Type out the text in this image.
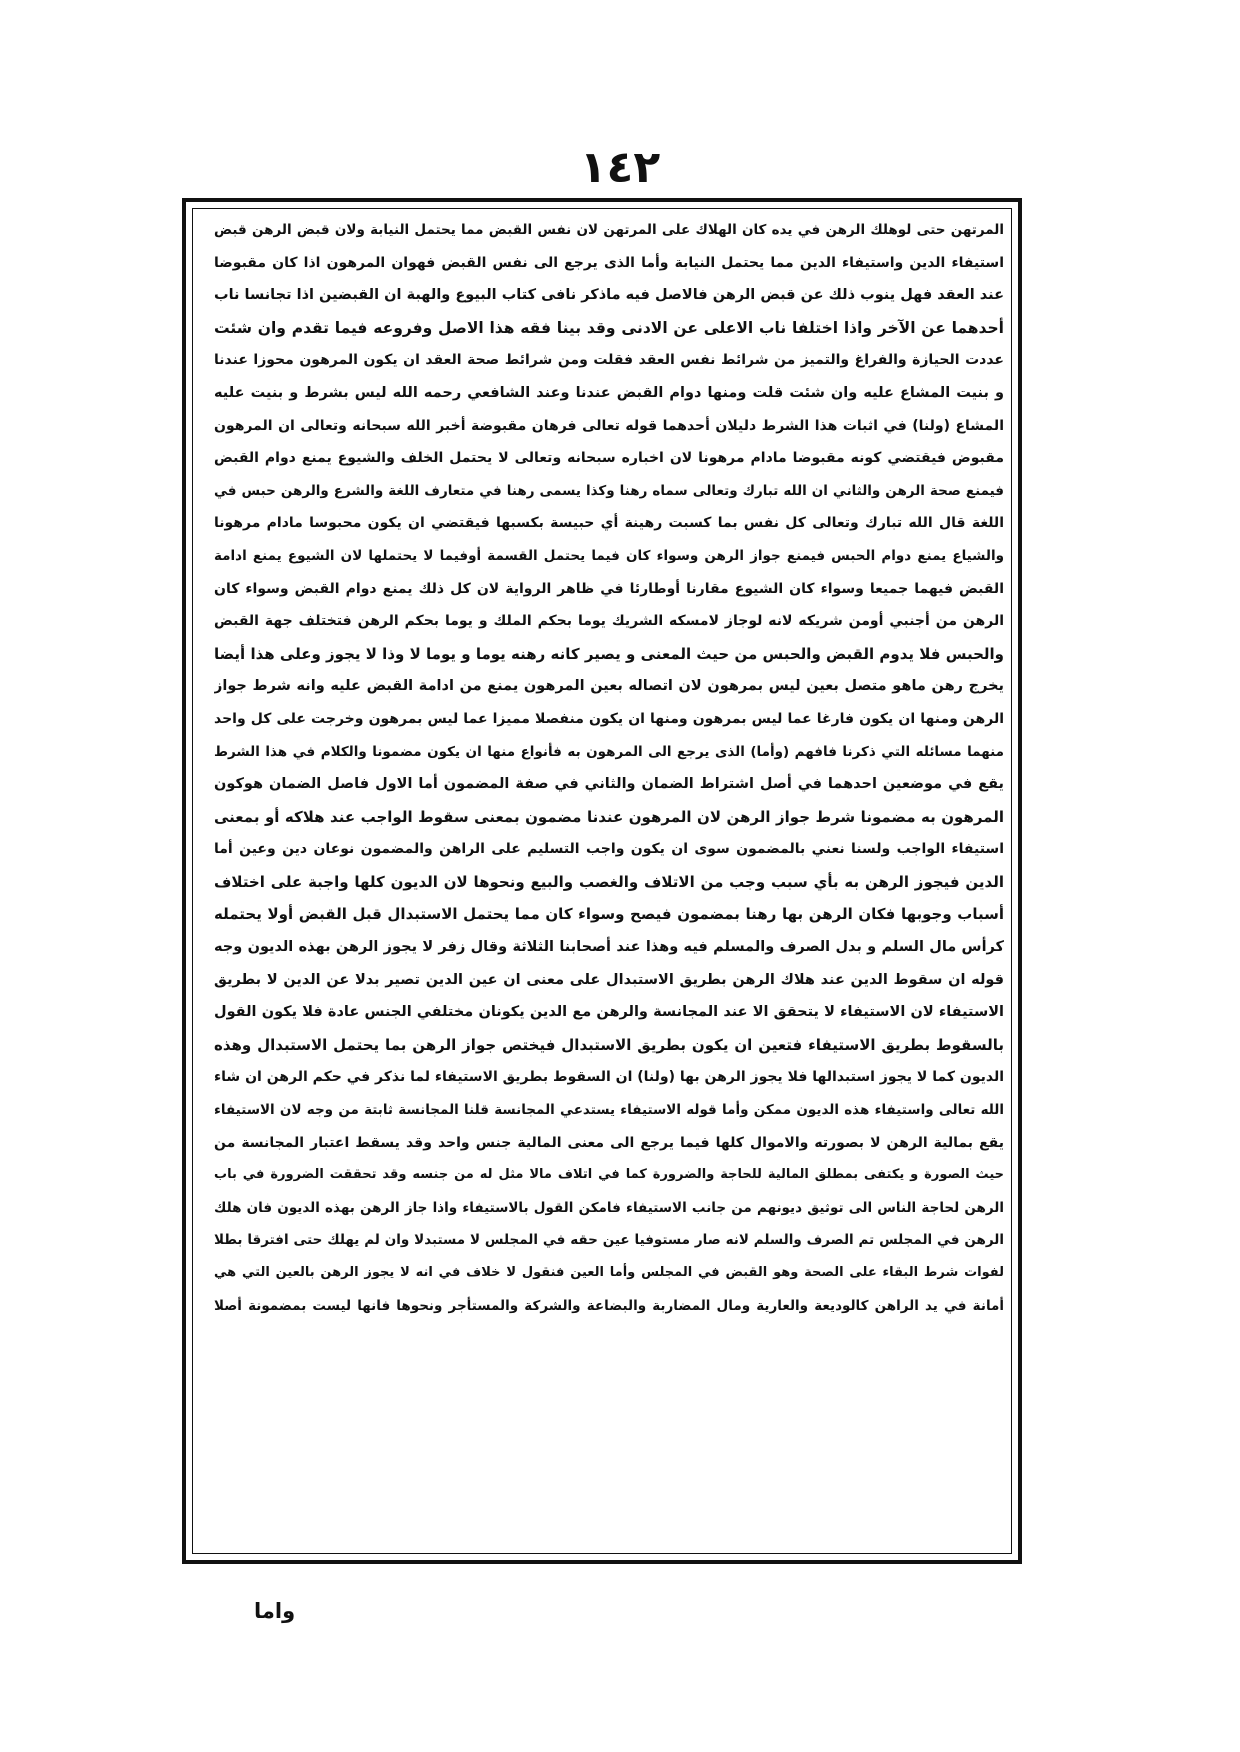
١٤٢
المرتهن حتى لوهلك الرهن في يده كان الهلاك على المرتهن لان نفس القبض مما يحتمل النيابة ولان قبض الرهن قبض
استيفاء الدين واستيفاء الدين مما يحتمل النيابة وأما الذى يرجع الى نفس القبض فهوان المرهون اذا كان مقبوضا
عند العقد فهل ينوب ذلك عن قبض الرهن فالاصل فيه ماذكر نافى كتاب البيوع والهبة ان القبضين اذا تجانسا ناب
أحدهما عن الآخر واذا اختلفا ناب الاعلى عن الادنى وقد بينا فقه هذا الاصل وفروعه فيما تقدم وان شئت
عددت الحيازة والفراغ والتميز من شرائط نفس العقد فقلت ومن شرائط صحة العقد ان يكون المرهون محوزا عندنا
و بنيت المشاع عليه وان شئت قلت ومنها دوام القبض عندنا وعند الشافعي رحمه الله ليس بشرط و بنيت عليه
المشاع (ولنا) في اثبات هذا الشرط دليلان أحدهما قوله تعالى فرهان مقبوضة أخبر الله سبحانه وتعالى ان المرهون
مقبوض فيقتضي كونه مقبوضا مادام مرهونا لان اخباره سبحانه وتعالى لا يحتمل الخلف والشيوع يمنع دوام القبض
فيمنع صحة الرهن والثاني ان الله تبارك وتعالى سماه رهنا وكذا يسمى رهنا في متعارف اللغة والشرع والرهن حبس في
اللغة قال الله تبارك وتعالى كل نفس بما كسبت رهينة أي حبيسة بكسبها فيقتضي ان يكون محبوسا مادام مرهونا
والشياع يمنع دوام الحبس فيمنع جواز الرهن وسواء كان فيما يحتمل القسمة أوفيما لا يحتملها لان الشيوع يمنع ادامة
القبض فيهما جميعا وسواء كان الشيوع مقارنا أوطارئا في ظاهر الرواية لان كل ذلك يمنع دوام القبض وسواء كان
الرهن من أجنبي أومن شريكه لانه لوجاز لامسكه الشريك يوما بحكم الملك و يوما بحكم الرهن فتختلف جهة القبض
والحبس فلا يدوم القبض والحبس من حيث المعنى و يصير كانه رهنه يوما و يوما لا وذا لا يجوز وعلى هذا أيضا
يخرج رهن ماهو متصل بعين ليس بمرهون لان اتصاله بعين المرهون يمنع من ادامة القبض عليه وانه شرط جواز
الرهن ومنها ان يكون فارغا عما ليس بمرهون ومنها ان يكون منفصلا مميزا عما ليس بمرهون وخرجت على كل واحد
منهما مسائله التي ذكرنا فافهم (وأما) الذى يرجع الى المرهون به فأنواع منها ان يكون مضمونا والكلام في هذا الشرط
يقع في موضعين احدهما في أصل اشتراط الضمان والثاني في صفة المضمون أما الاول فاصل الضمان هوكون
المرهون به مضمونا شرط جواز الرهن لان المرهون عندنا مضمون بمعنى سقوط الواجب عند هلاكه أو بمعنى
استيفاء الواجب ولسنا نعني بالمضمون سوى ان يكون واجب التسليم على الراهن والمضمون نوعان دين وعين أما
الدين فيجوز الرهن به بأي سبب وجب من الاتلاف والغصب والبيع ونحوها لان الديون كلها واجبة على اختلاف
أسباب وجوبها فكان الرهن بها رهنا بمضمون فيصح وسواء كان مما يحتمل الاستبدال قبل القبض أولا يحتمله
كرأس مال السلم و بدل الصرف والمسلم فيه وهذا عند أصحابنا الثلاثة وقال زفر لا يجوز الرهن بهذه الديون وجه
قوله ان سقوط الدين عند هلاك الرهن بطريق الاستبدال على معنى ان عين الدين تصير بدلا عن الدين لا بطريق
الاستيفاء لان الاستيفاء لا يتحقق الا عند المجانسة والرهن مع الدين يكونان مختلفي الجنس عادة فلا يكون القول
بالسقوط بطريق الاستيفاء فتعين ان يكون بطريق الاستبدال فيختص جواز الرهن بما يحتمل الاستبدال وهذه
الديون كما لا يجوز استبدالها فلا يجوز الرهن بها (ولنا) ان السقوط بطريق الاستيفاء لما نذكر في حكم الرهن ان شاء
الله تعالى واستيفاء هذه الديون ممكن وأما قوله الاستيفاء يستدعي المجانسة قلنا المجانسة ثابتة من وجه لان الاستيفاء
يقع بمالية الرهن لا بصورته والاموال كلها فيما يرجع الى معنى المالية جنس واحد وقد يسقط اعتبار المجانسة من
حيث الصورة و يكتفى بمطلق المالية للحاجة والضرورة كما في اتلاف مالا مثل له من جنسه وقد تحققت الضرورة في باب
الرهن لحاجة الناس الى توثيق ديونهم من جانب الاستيفاء فامكن القول بالاستيفاء واذا جاز الرهن بهذه الديون فان هلك
الرهن في المجلس تم الصرف والسلم لانه صار مستوفيا عين حقه في المجلس لا مستبدلا وان لم يهلك حتى افترقا بطلا
لفوات شرط البقاء على الصحة وهو القبض في المجلس وأما العين فنقول لا خلاف في انه لا يجوز الرهن بالعين التي هي
أمانة في يد الراهن كالوديعة والعارية ومال المضاربة والبضاعة والشركة والمستأجر ونحوها فانها ليست بمضمونة أصلا
واما
